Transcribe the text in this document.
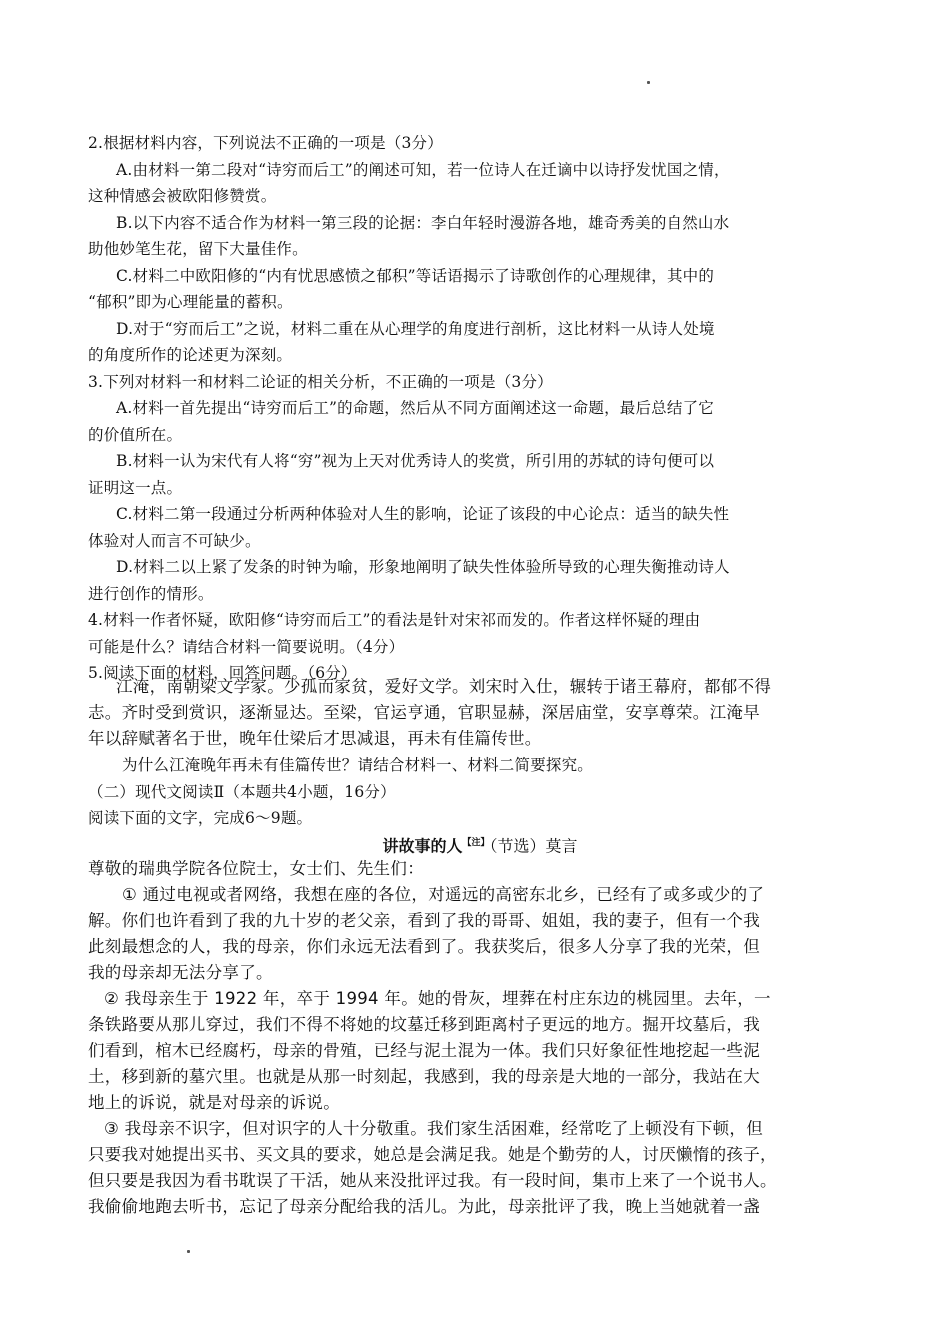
2.根据材料内容，下列说法不正确的一项是（3分）
A.由材料一第二段对“诗穷而后工”的阐述可知，若一位诗人在迁谪中以诗抒发忧国之情，
这种情感会被欧阳修赞赏。
B.以下内容不适合作为材料一第三段的论据：李白年轻时漫游各地，雄奇秀美的自然山水
助他妙笔生花，留下大量佳作。
C.材料二中欧阳修的“内有忧思感愤之郁积”等话语揭示了诗歌创作的心理规律，其中的
“郁积”即为心理能量的蓄积。
D.对于“穷而后工”之说，材料二重在从心理学的角度进行剖析，这比材料一从诗人处境
的角度所作的论述更为深刻。
3.下列对材料一和材料二论证的相关分析，不正确的一项是（3分）
A.材料一首先提出“诗穷而后工”的命题，然后从不同方面阐述这一命题，最后总结了它
的价值所在。
B.材料一认为宋代有人将“穷”视为上天对优秀诗人的奖赏，所引用的苏轼的诗句便可以
证明这一点。
C.材料二第一段通过分析两种体验对人生的影响，论证了该段的中心论点：适当的缺失性
体验对人而言不可缺少。
D.材料二以上紧了发条的时钟为喻，形象地阐明了缺失性体验所导致的心理失衡推动诗人
进行创作的情形。
4.材料一作者怀疑，欧阳修“诗穷而后工”的看法是针对宋祁而发的。作者这样怀疑的理由
可能是什么？请结合材料一简要说明。（4分）
5.阅读下面的材料，回答问题。（6分）
江淹，南朝梁文学家。少孤而家贫，爱好文学。刘宋时入仕，辗转于诸王幕府，都郁不得
志。齐时受到赏识，逐渐显达。至梁，官运亨通，官职显赫，深居庙堂，安享尊荣。江淹早
年以辞赋著名于世，晚年仕梁后才思减退，再未有佳篇传世。
为什么江淹晚年再未有佳篇传世？请结合材料一、材料二简要探究。
（二）现代文阅读Ⅱ（本题共4小题，16分）
阅读下面的文字，完成6～9题。
讲故事的人$^{【注】}$（节选）莫言
尊敬的瑞典学院各位院士，女士们、先生们：
① 通过电视或者网络，我想在座的各位，对遥远的高密东北乡，已经有了或多或少的了
解。你们也许看到了我的九十岁的老父亲，看到了我的哥哥、姐姐，我的妻子，但有一个我
此刻最想念的人，我的母亲，你们永远无法看到了。我获奖后，很多人分享了我的光荣，但
我的母亲却无法分享了。
② 我母亲生于 1922 年，卒于 1994 年。她的骨灰，埋葬在村庄东边的桃园里。去年，一
条铁路要从那儿穿过，我们不得不将她的坟墓迁移到距离村子更远的地方。掘开坟墓后，我
们看到，棺木已经腐朽，母亲的骨殖，已经与泥土混为一体。我们只好象征性地挖起一些泥
土，移到新的墓穴里。也就是从那一时刻起，我感到，我的母亲是大地的一部分，我站在大
地上的诉说，就是对母亲的诉说。
③ 我母亲不识字，但对识字的人十分敬重。我们家生活困难，经常吃了上顿没有下顿，但
只要我对她提出买书、买文具的要求，她总是会满足我。她是个勤劳的人，讨厌懒惰的孩子，
但只要是我因为看书耽误了干活，她从来没批评过我。有一段时间，集市上来了一个说书人。
我偷偷地跑去听书，忘记了母亲分配给我的活儿。为此，母亲批评了我，晚上当她就着一盏
